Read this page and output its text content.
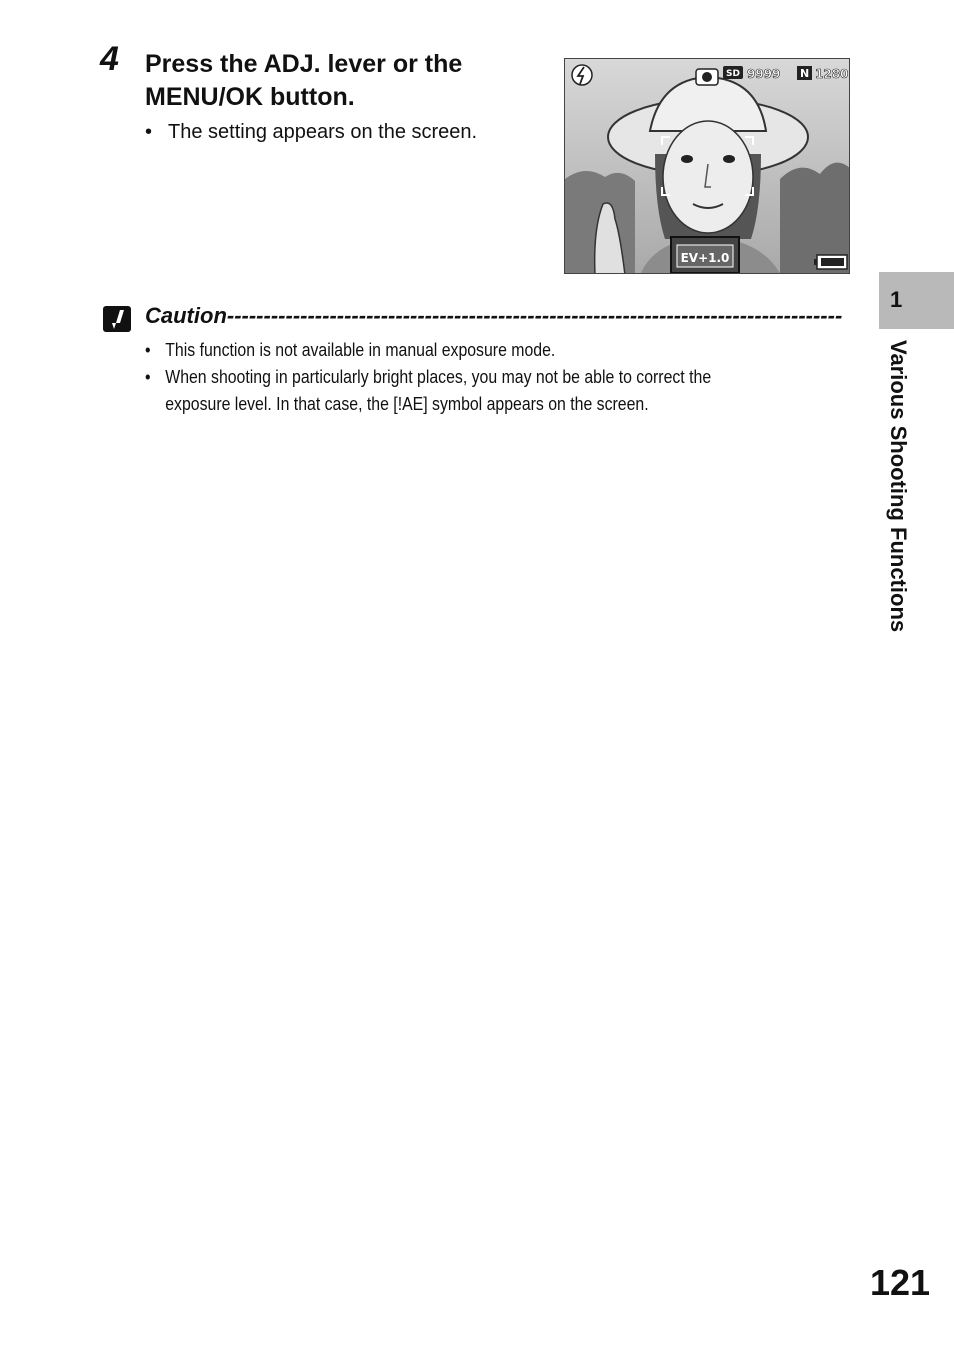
4 Press the ADJ. lever or the MENU/OK button.
• The setting appears on the screen.
SD 9999 N 1280
EV+1.0
Caution------------------------------------------------------------------------------------
• This function is not available in manual exposure mode.
• When shooting in particularly bright places, you may not be able to correct the exposure level. In that case, the [!AE] symbol appears on the screen.
1
Various Shooting Functions
121
